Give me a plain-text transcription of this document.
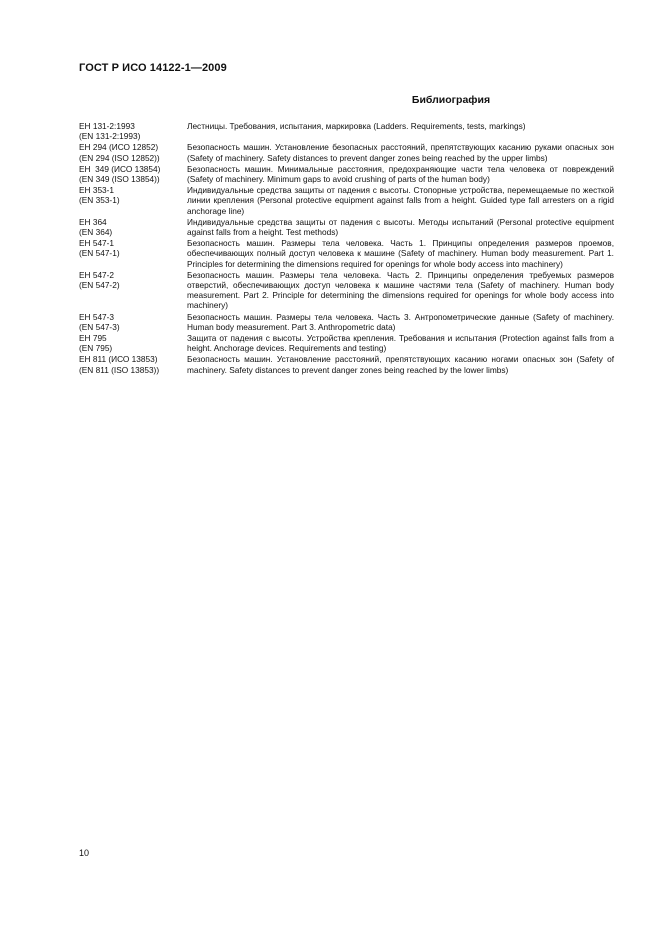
ГОСТ Р ИСО 14122-1—2009
Библиография
ЕН 131-2:1993
(EN 131-2:1993)
Лестницы. Требования, испытания, маркировка (Ladders. Requirements, tests, markings)
ЕН 294 (ИСО 12852)
(EN 294 (ISO 12852))
Безопасность машин. Установление безопасных расстояний, препятствующих касанию руками опасных зон (Safety of machinery. Safety distances to prevent danger zones being reached by the upper limbs)
ЕН  349 (ИСО 13854)
(EN 349 (ISO 13854))
Безопасность машин. Минимальные расстояния, предохраняющие части тела человека от повреждений (Safety of machinery. Minimum gaps to avoid crushing of parts of the human body)
ЕН 353-1
(EN 353-1)
Индивидуальные средства защиты от падения с высоты. Стопорные устройства, перемещаемые по жесткой линии крепления (Personal protective equipment against falls from a height. Guided type fall arresters on a rigid anchorage line)
ЕН 364
(EN 364)
Индивидуальные средства защиты от падения с высоты. Методы испытаний (Personal protective equipment against falls from a height. Test methods)
ЕН 547-1
(EN 547-1)
Безопасность машин. Размеры тела человека. Часть 1. Принципы определения размеров проемов, обеспечивающих полный доступ человека к машине (Safety of machinery. Human body measurement. Part 1. Principles for determining the dimensions required for openings for whole body access into machinery)
ЕН 547-2
(EN 547-2)
Безопасность машин. Размеры тела человека. Часть 2. Принципы определения требуемых размеров отверстий, обеспечивающих доступ человека к машине частями тела (Safety of machinery. Human body measurement. Part 2. Principle for determining the dimensions required for openings for whole body access into machinery)
ЕН 547-3
(EN 547-3)
Безопасность машин. Размеры тела человека. Часть 3. Антропометрические данные (Safety of machinery. Human body measurement. Part 3. Anthropometric data)
ЕН 795
(EN 795)
Защита от падения с высоты. Устройства крепления. Требования и испытания (Protection against falls from a height. Anchorage devices. Requirements and testing)
ЕН 811 (ИСО 13853)
(EN 811 (ISO 13853))
Безопасность машин. Установление расстояний, препятствующих касанию ногами опасных зон (Safety of machinery. Safety distances to prevent danger zones being reached by the lower limbs)
10
